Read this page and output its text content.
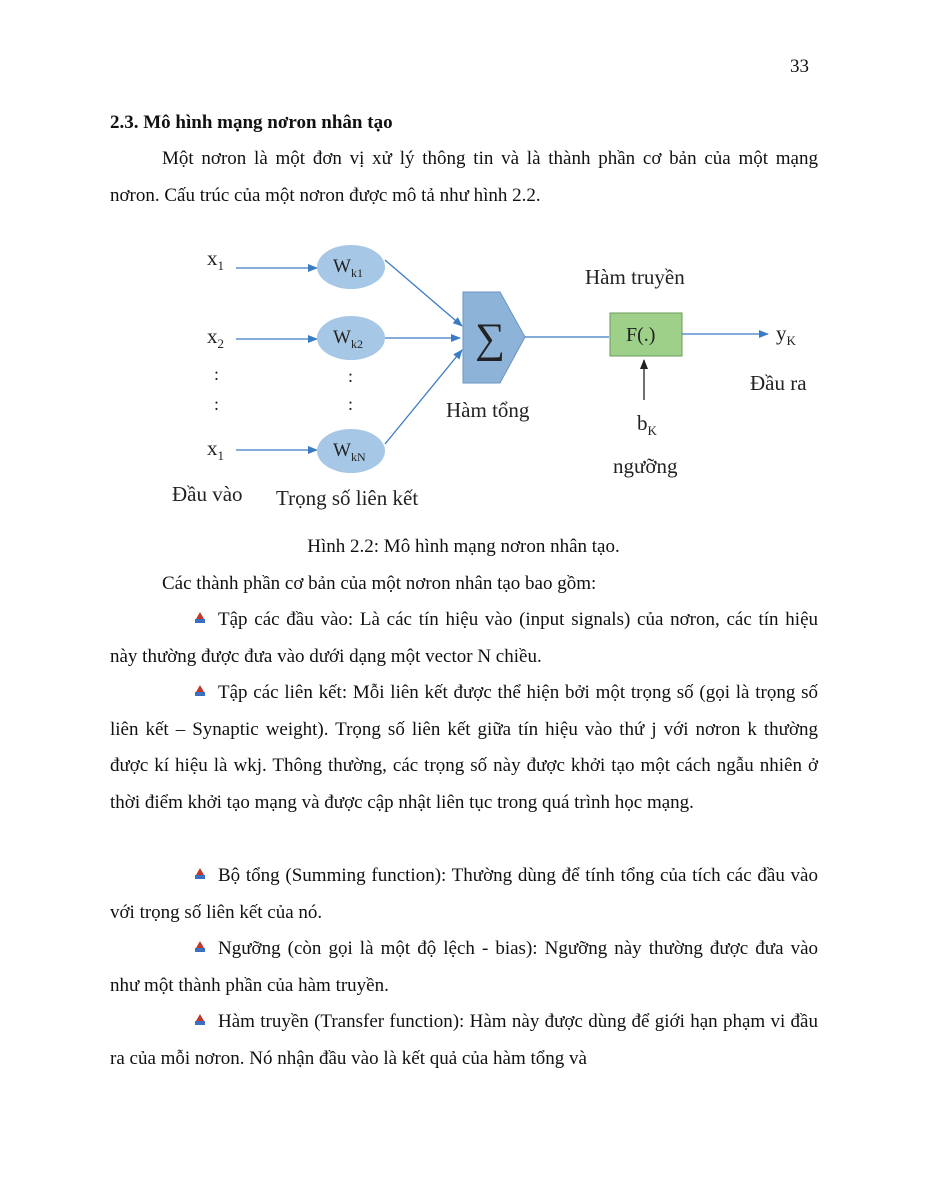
33
2.3. Mô hình mạng nơron nhân tạo
Một nơron là một đơn vị xử lý thông tin và là thành phần cơ bản của một mạng nơron. Cấu trúc của một nơron được mô tả như hình 2.2.
$x_1$
$x_2$
$x_1$
:
:
$W_{k1}$
$W_{k2}$
$W_{kN}$
:
:
∑
Hàm tổng
Hàm truyền
F(.)	$y_K$
Đầu ra
$b_K$
ngưỡng
Đầu vào Trọng số liên kết
Hình 2.2: Mô hình mạng nơron nhân tạo.
Các thành phần cơ bản của một nơron nhân tạo bao gồm:
Tập các đầu vào: Là các tín hiệu vào (input signals) của nơron, các tín hiệu này thường được đưa vào dưới dạng một vector N chiều.
Tập các liên kết: Mỗi liên kết được thể hiện bởi một trọng số (gọi là trọng số liên kết – Synaptic weight). Trọng số liên kết giữa tín hiệu vào thứ j với nơron k thường được kí hiệu là wkj. Thông thường, các trọng số này được khởi tạo một cách ngẫu nhiên ở thời điểm khởi tạo mạng và được cập nhật liên tục trong quá trình học mạng.
Bộ tổng (Summing function): Thường dùng để tính tổng của tích các đầu vào với trọng số liên kết của nó.
Ngưỡng (còn gọi là một độ lệch - bias): Ngưỡng này thường được đưa vào như một thành phần của hàm truyền.
Hàm truyền (Transfer function): Hàm này được dùng để giới hạn phạm vi đầu ra của mỗi nơron. Nó nhận đầu vào là kết quả của hàm tổng và
